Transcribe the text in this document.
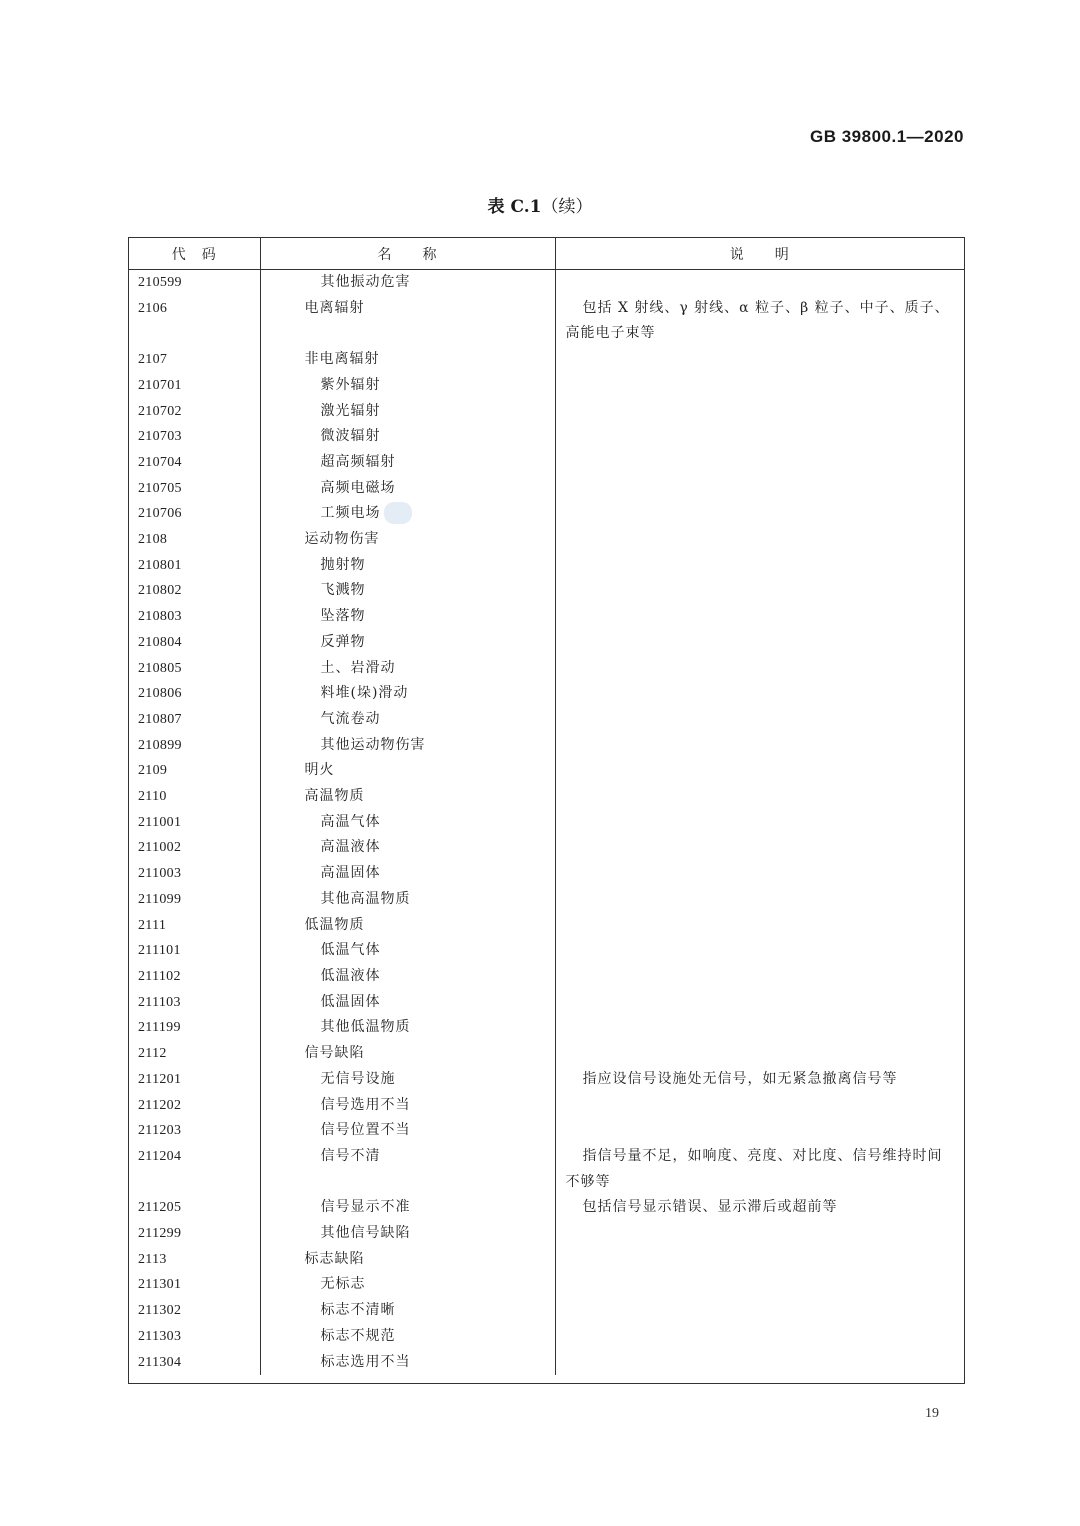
GB 39800.1—2020
表 C.1（续）
代　码	名　　称	说　　明
210599	其他振动危害	
2106	电离辐射	包括 X 射线、γ 射线、α 粒子、β 粒子、中子、质子、高能电子束等
2107	非电离辐射	
210701	紫外辐射	
210702	激光辐射	
210703	微波辐射	
210704	超高频辐射	
210705	高频电磁场	
210706	工频电场	
2108	运动物伤害	
210801	抛射物	
210802	飞溅物	
210803	坠落物	
210804	反弹物	
210805	土、岩滑动	
210806	料堆(垛)滑动	
210807	气流卷动	
210899	其他运动物伤害	
2109	明火	
2110	高温物质	
211001	高温气体	
211002	高温液体	
211003	高温固体	
211099	其他高温物质	
2111	低温物质	
211101	低温气体	
211102	低温液体	
211103	低温固体	
211199	其他低温物质	
2112	信号缺陷	
211201	无信号设施	指应设信号设施处无信号，如无紧急撤离信号等
211202	信号选用不当	
211203	信号位置不当	
211204	信号不清	指信号量不足，如响度、亮度、对比度、信号维持时间不够等
211205	信号显示不准	包括信号显示错误、显示滞后或超前等
211299	其他信号缺陷	
2113	标志缺陷	
211301	无标志	
211302	标志不清晰	
211303	标志不规范	
211304	标志选用不当	
19
